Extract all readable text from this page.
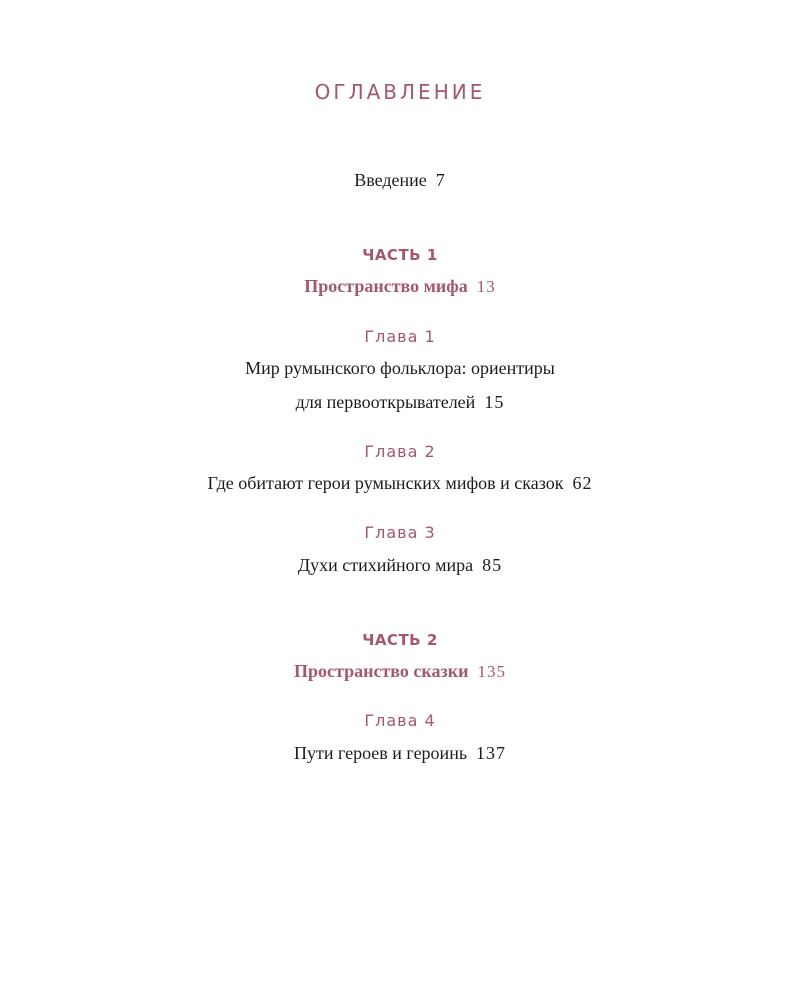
ОГЛАВЛЕНИЕ
Введение 7
ЧАСТЬ 1
Пространство мифа 13
Глава 1
Мир румынского фольклора: ориентиры
для первооткрывателей 15
Глава 2
Где обитают герои румынских мифов и сказок 62
Глава 3
Духи стихийного мира 85
ЧАСТЬ 2
Пространство сказки 135
Глава 4
Пути героев и героинь 137
